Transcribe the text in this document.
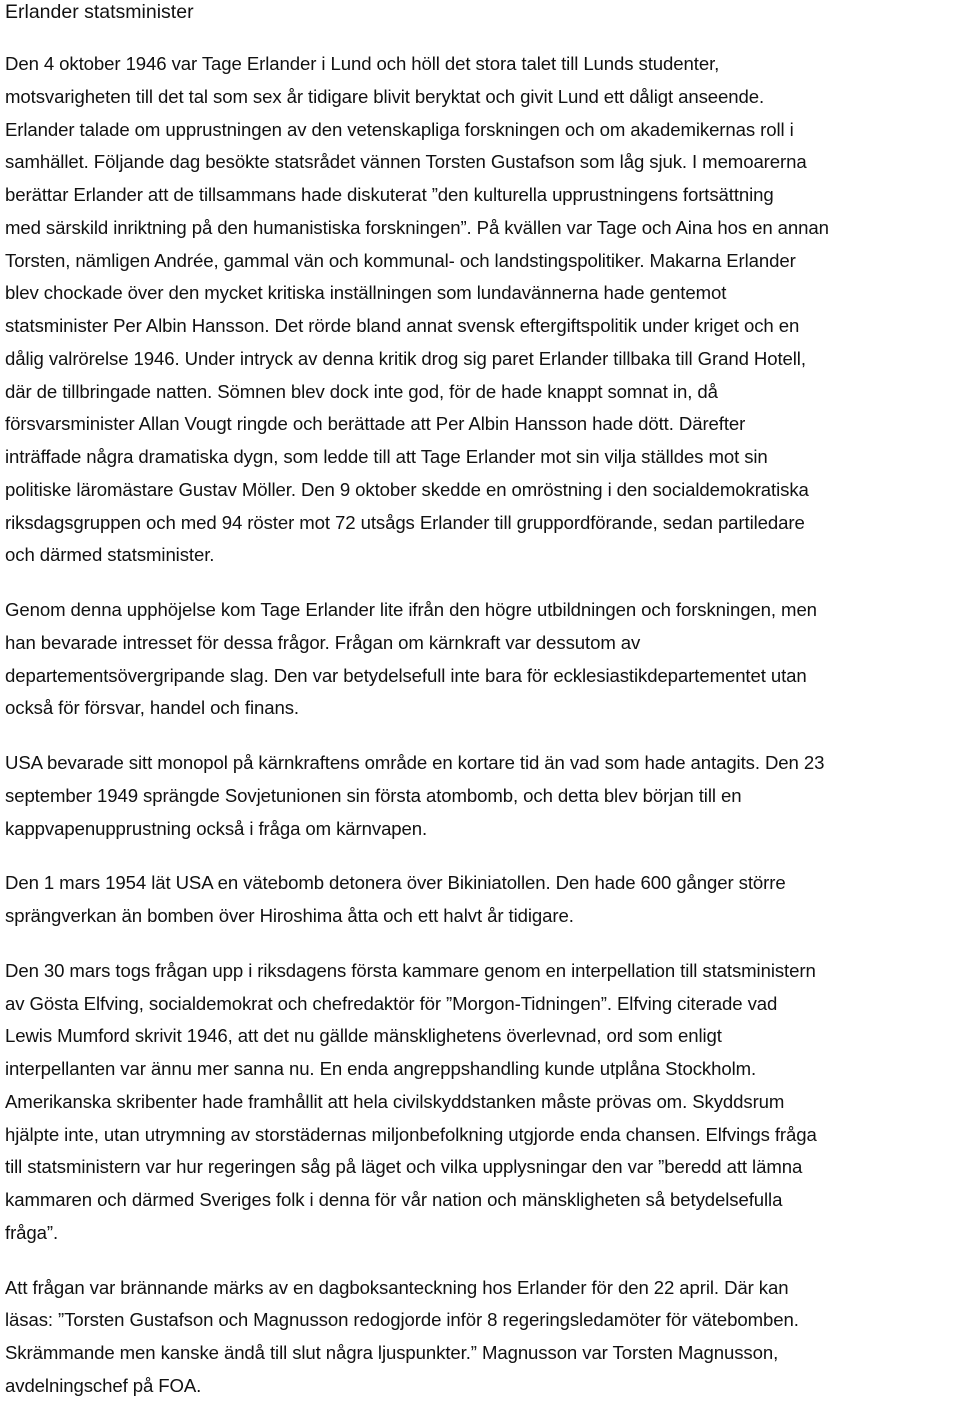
Erlander statsminister
Den 4 oktober 1946 var Tage Erlander i Lund och höll det stora talet till Lunds studenter,
motsvarigheten till det tal som sex år tidigare blivit beryktat och givit Lund ett dåligt anseende.
Erlander talade om upprustningen av den vetenskapliga forskningen och om akademikernas roll i
samhället. Följande dag besökte statsrådet vännen Torsten Gustafson som låg sjuk. I memoarerna
berättar Erlander att de tillsammans hade diskuterat ”den kulturella upprustningens fortsättning
med särskild inriktning på den humanistiska forskningen”. På kvällen var Tage och Aina hos en annan
Torsten, nämligen Andrée, gammal vän och kommunal- och landstingspolitiker. Makarna Erlander
blev chockade över den mycket kritiska inställningen som lundavännerna hade gentemot
statsminister Per Albin Hansson. Det rörde bland annat svensk eftergiftspolitik under kriget och en
dålig valrörelse 1946. Under intryck av denna kritik drog sig paret Erlander tillbaka till Grand Hotell,
där de tillbringade natten. Sömnen blev dock inte god, för de hade knappt somnat in, då
försvarsminister Allan Vougt ringde och berättade att Per Albin Hansson hade dött. Därefter
inträffade några dramatiska dygn, som ledde till att Tage Erlander mot sin vilja ställdes mot sin
politiske läromästare Gustav Möller. Den 9 oktober skedde en omröstning i den socialdemokratiska
riksdagsgruppen och med 94 röster mot 72 utsågs Erlander till gruppordförande, sedan partiledare
och därmed statsminister.
Genom denna upphöjelse kom Tage Erlander lite ifrån den högre utbildningen och forskningen, men
han bevarade intresset för dessa frågor. Frågan om kärnkraft var dessutom av
departementsövergripande slag. Den var betydelsefull inte bara för ecklesiastikdepartementet utan
också för försvar, handel och finans.
USA bevarade sitt monopol på kärnkraftens område en kortare tid än vad som hade antagits. Den 23
september 1949 sprängde Sovjetunionen sin första atombomb, och detta blev början till en
kappvapenupprustning också i fråga om kärnvapen.
Den 1 mars 1954 lät USA en vätebomb detonera över Bikiniatollen. Den hade 600 gånger större
sprängverkan än bomben över Hiroshima åtta och ett halvt år tidigare.
Den 30 mars togs frågan upp i riksdagens första kammare genom en interpellation till statsministern
av Gösta Elfving, socialdemokrat och chefredaktör för ”Morgon-Tidningen”. Elfving citerade vad
Lewis Mumford skrivit 1946, att det nu gällde mänsklighetens överlevnad, ord som enligt
interpellanten var ännu mer sanna nu. En enda angreppshandling kunde utplåna Stockholm.
Amerikanska skribenter hade framhållit att hela civilskyddstanken måste prövas om. Skyddsrum
hjälpte inte, utan utrymning av storstädernas miljonbefolkning utgjorde enda chansen. Elfvings fråga
till statsministern var hur regeringen såg på läget och vilka upplysningar den var ”beredd att lämna
kammaren och därmed Sveriges folk i denna för vår nation och mänskligheten så betydelsefulla
fråga”.
Att frågan var brännande märks av en dagboksanteckning hos Erlander för den 22 april. Där kan
läsas: ”Torsten Gustafson och Magnusson redogjorde inför 8 regeringsledamöter för vätebomben.
Skrämmande men kanske ändå till slut några ljuspunkter.” Magnusson var Torsten Magnusson,
avdelningschef på FOA.
